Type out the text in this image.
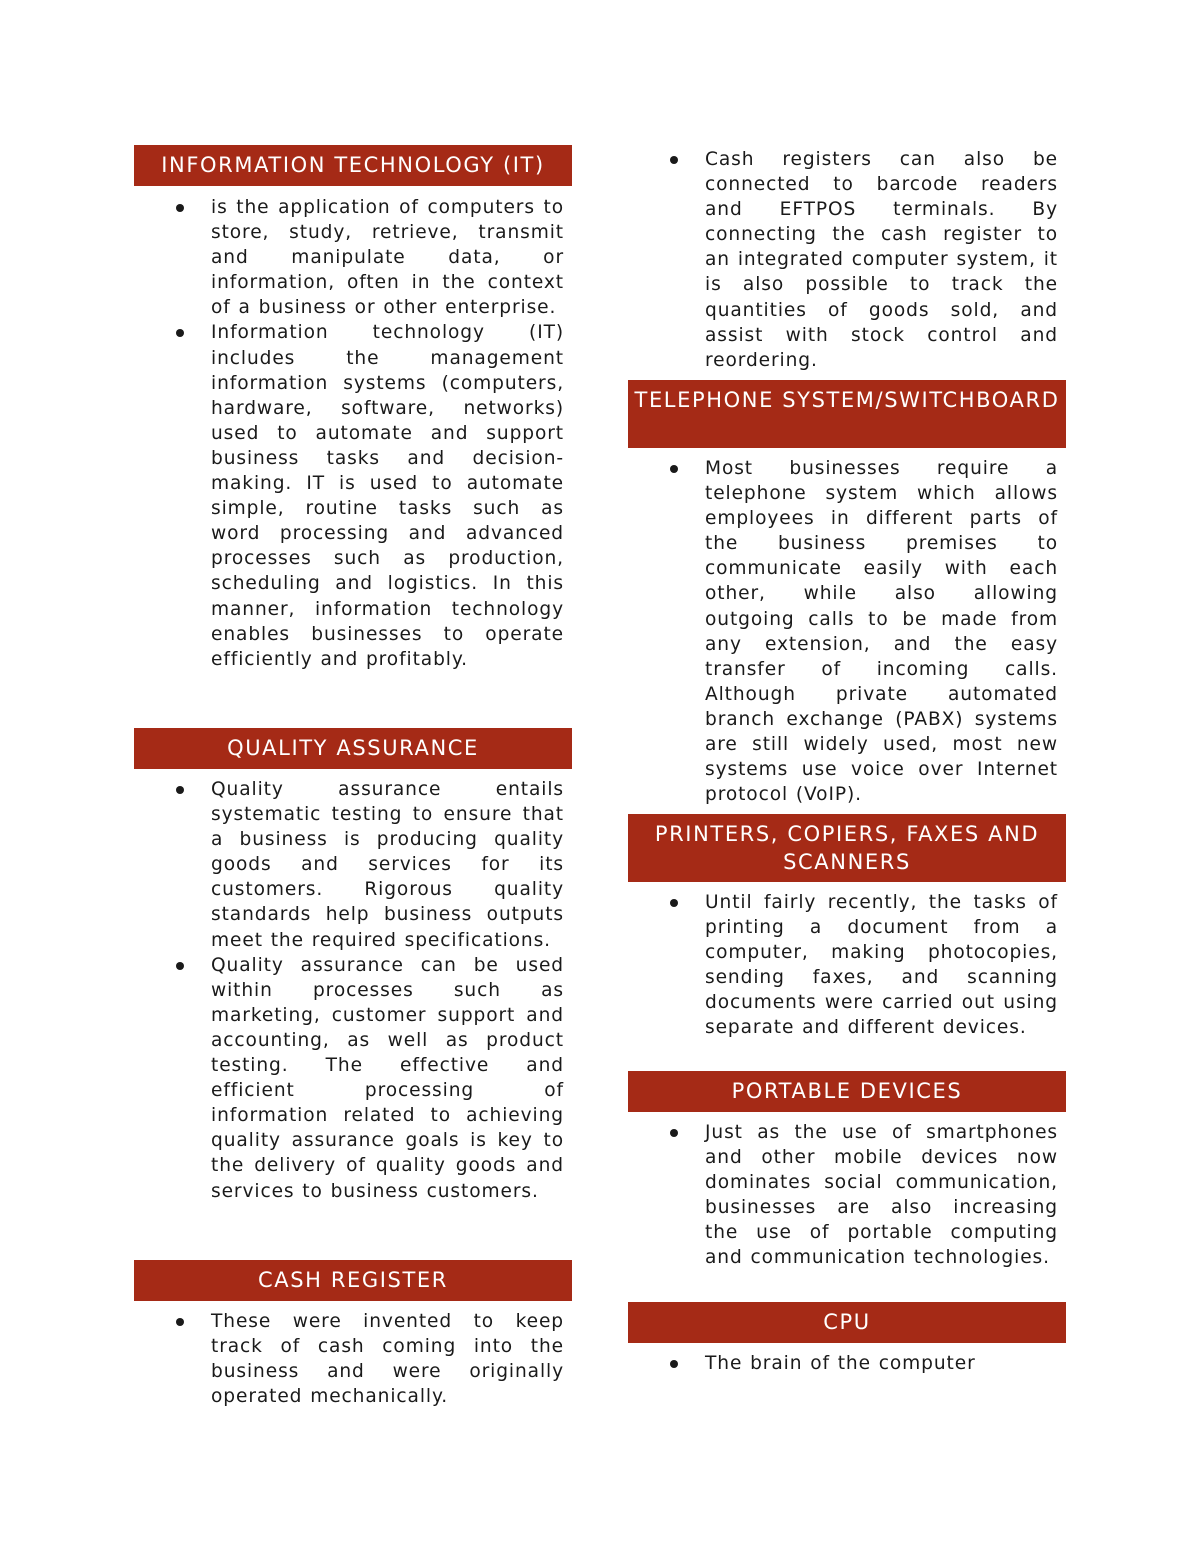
INFORMATION TECHNOLOGY (IT)
is the application of computers to store, study, retrieve, transmit and manipulate data, or information, often in the context of a business or other enterprise.
Information technology (IT) includes the management information systems (computers, hardware, software, networks) used to automate and support business tasks and decision-making. IT is used to automate simple, routine tasks such as word processing and advanced processes such as production, scheduling and logistics. In this manner, information technology enables businesses to operate efficiently and profitably.
QUALITY ASSURANCE
Quality assurance entails systematic testing to ensure that a business is producing quality goods and services for its customers. Rigorous quality standards help business outputs meet the required specifications.
Quality assurance can be used within processes such as marketing, customer support and accounting, as well as product testing. The effective and efficient processing of information related to achieving quality assurance goals is key to the delivery of quality goods and services to business customers.
CASH REGISTER
These were invented to keep track of cash coming into the business and were originally operated mechanically.
Cash registers can also be connected to barcode readers and EFTPOS terminals. By connecting the cash register to an integrated computer system, it is also possible to track the quantities of goods sold, and assist with stock control and reordering.
TELEPHONE SYSTEM/SWITCHBOARD
Most businesses require a telephone system which allows employees in different parts of the business premises to communicate easily with each other, while also allowing outgoing calls to be made from any extension, and the easy transfer of incoming calls. Although private automated branch exchange (PABX) systems are still widely used, most new systems use voice over Internet protocol (VoIP).
PRINTERS, COPIERS, FAXES AND SCANNERS
Until fairly recently, the tasks of printing a document from a computer, making photocopies, sending faxes, and scanning documents were carried out using separate and different devices.
PORTABLE DEVICES
Just as the use of smartphones and other mobile devices now dominates social communication, businesses are also increasing the use of portable computing and communication technologies.
CPU
The brain of the computer
